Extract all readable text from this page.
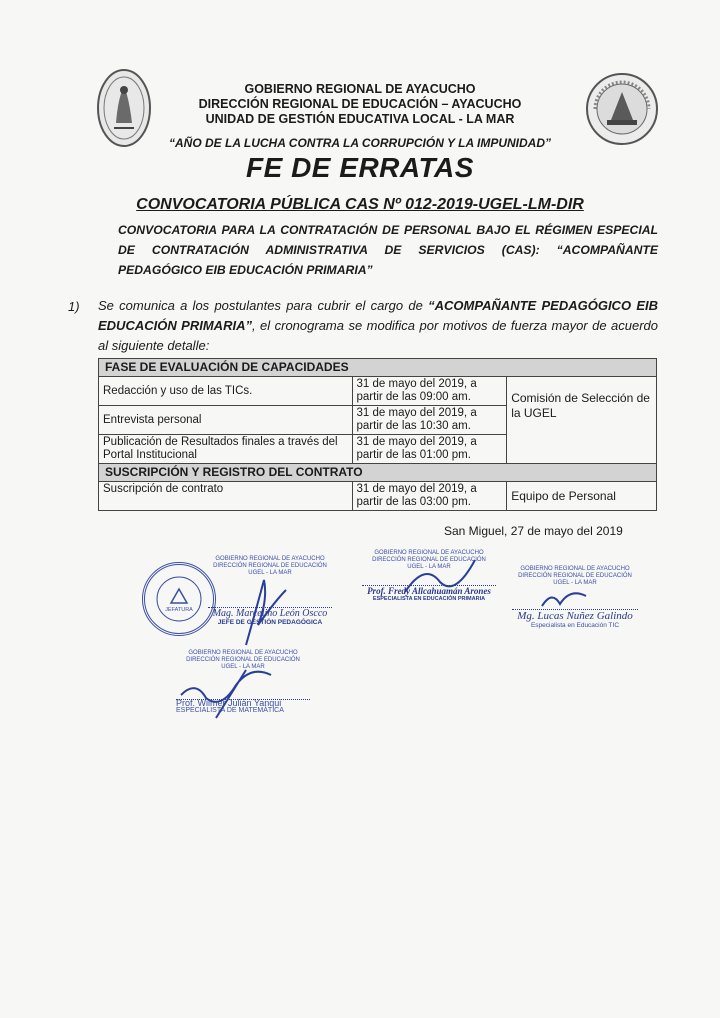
GOBIERNO REGIONAL DE AYACUCHO
DIRECCIÓN REGIONAL DE EDUCACIÓN – AYACUCHO
UNIDAD DE GESTIÓN EDUCATIVA LOCAL - LA MAR
“AÑO DE LA LUCHA CONTRA LA CORRUPCIÓN Y LA IMPUNIDAD”
FE DE ERRATAS
CONVOCATORIA PÚBLICA CAS Nº 012-2019-UGEL-LM-DIR
CONVOCATORIA PARA LA CONTRATACIÓN DE PERSONAL BAJO EL RÉGIMEN ESPECIAL
DE CONTRATACIÓN ADMINISTRATIVA DE SERVICIOS (CAS): “ACOMPAÑANTE
PEDAGÓGICO EIB EDUCACIÓN PRIMARIA”
1) Se comunica a los postulantes para cubrir el cargo de “ACOMPAÑANTE PEDAGÓGICO EIB EDUCACIÓN PRIMARIA”, el cronograma se modifica por motivos de fuerza mayor de acuerdo al siguiente detalle:
FASE DE EVALUACIÓN DE CAPACIDADES		
Redacción y uso de las TICs.	31 de mayo del 2019, a partir de las 09:00 am.	Comisión de Selección de la UGEL
Entrevista personal	31 de mayo del 2019, a partir de las 10:30 am.	
Publicación de Resultados finales a través del Portal Institucional	31 de mayo del 2019, a partir de las 01:00 pm.	
SUSCRIPCIÓN Y REGISTRO DEL CONTRATO		
Suscripción de contrato	31 de mayo del 2019, a partir de las 03:00 pm.	Equipo de Personal
San Miguel, 27 de mayo del 2019
JEFATURA
GOBIERNO REGIONAL DE AYACUCHO
DIRECCIÓN REGIONAL DE EDUCACIÓN
UGEL - LA MAR
Mag. Marcelino León Oscco
JEFE DE GESTIÓN PEDAGÓGICA
GOBIERNO REGIONAL DE AYACUCHO
DIRECCIÓN REGIONAL DE EDUCACIÓN
UGEL - LA MAR
Prof. Fredy Allcahuamán Arones
ESPECIALISTA EN EDUCACIÓN PRIMARIA
GOBIERNO REGIONAL DE AYACUCHO
DIRECCIÓN REGIONAL DE EDUCACIÓN
UGEL - LA MAR
Mg. Lucas Nuñez Galindo
Especialista en Educación TIC
GOBIERNO REGIONAL DE AYACUCHO
DIRECCIÓN REGIONAL DE EDUCACIÓN
UGEL - LA MAR
Prof. Wilmer Julián Yanqui
ESPECIALISTA DE MATEMÁTICA
